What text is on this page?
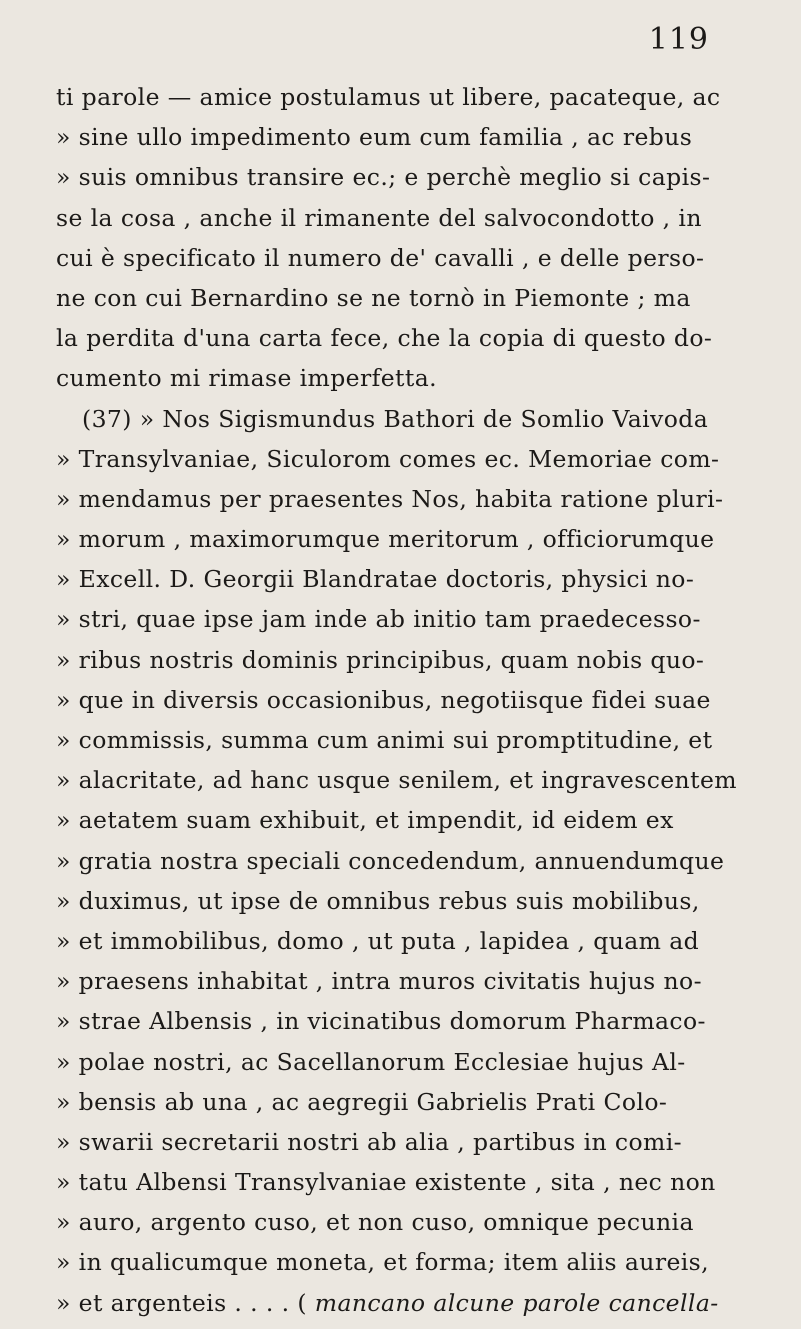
119
ti parole — amice postulamus ut libere, pacateque, ac
» sine ullo impedimento eum cum familia , ac rebus
» suis omnibus transire ec.; e perchè meglio si capis-
se la cosa , anche il rimanente del salvocondotto , in
cui è specificato il numero de' cavalli , e delle perso-
ne con cui Bernardino se ne tornò in Piemonte ; ma
la perdita d'una carta fece, che la copia di questo do-
cumento mi rimase imperfetta.
(37) » Nos Sigismundus Bathori de Somlio Vaivoda
» Transylvaniae, Siculorom comes ec. Memoriae com-
» mendamus per praesentes Nos, habita ratione pluri-
» morum , maximorumque meritorum , officiorumque
» Excell. D. Georgii Blandratae doctoris, physici no-
» stri, quae ipse jam inde ab initio tam praedecesso-
» ribus nostris dominis principibus, quam nobis quo-
» que in diversis occasionibus, negotiisque fidei suae
» commissis, summa cum animi sui promptitudine, et
» alacritate, ad hanc usque senilem, et ingravescentem
» aetatem suam exhibuit, et impendit, id eidem ex
» gratia nostra speciali concedendum, annuendumque
» duximus, ut ipse de omnibus rebus suis mobilibus,
» et immobilibus, domo , ut puta , lapidea , quam ad
» praesens inhabitat , intra muros civitatis hujus no-
» strae Albensis , in vicinatibus domorum Pharmaco-
» polae nostri, ac Sacellanorum Ecclesiae hujus Al-
» bensis ab una , ac aegregii Gabrielis Prati Colo-
» swarii secretarii nostri ab alia , partibus in comi-
» tatu Albensi Transylvaniae existente , sita , nec non
» auro, argento cuso, et non cuso, omnique pecunia
» in qualicumque moneta, et forma; item aliis aureis,
» et argenteis . . . . ( mancano alcune parole cancella-
